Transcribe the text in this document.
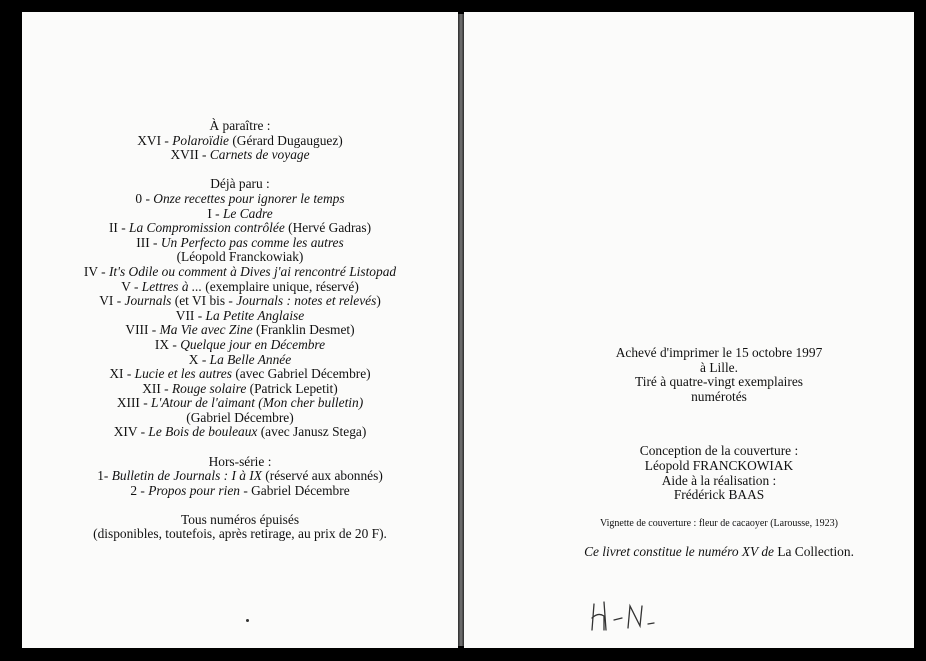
À paraître :
XVI - Polaroïdie (Gérard Dugauguez)
XVII - Carnets de voyage
Déjà paru :
0 - Onze recettes pour ignorer le temps
I - Le Cadre
II - La Compromission contrôlée (Hervé Gadras)
III - Un Perfecto pas comme les autres
(Léopold Franckowiak)
IV - It's Odile ou comment à Dives j'ai rencontré Listopad
V - Lettres à ... (exemplaire unique, réservé)
VI - Journals (et VI bis - Journals : notes et relevés)
VII - La Petite Anglaise
VIII - Ma Vie avec Zine (Franklin Desmet)
IX - Quelque jour en Décembre
X - La Belle Année
XI - Lucie et les autres (avec Gabriel Décembre)
XII - Rouge solaire (Patrick Lepetit)
XIII - L'Atour de l'aimant (Mon cher bulletin)
(Gabriel Décembre)
XIV - Le Bois de bouleaux (avec Janusz Stega)
Hors-série :
1- Bulletin de Journals : I à IX (réservé aux abonnés)
2 - Propos pour rien - Gabriel Décembre
Tous numéros épuisés
(disponibles, toutefois, après retirage, au prix de 20 F).
Achevé d'imprimer le 15 octobre 1997
à Lille.
Tiré à quatre-vingt exemplaires
numérotés
Conception de la couverture :
Léopold FRANCKOWIAK
Aide à la réalisation :
Frédérick BAAS
Vignette de couverture : fleur de cacaoyer (Larousse, 1923)
Ce livret constitue le numéro XV de La Collection.
